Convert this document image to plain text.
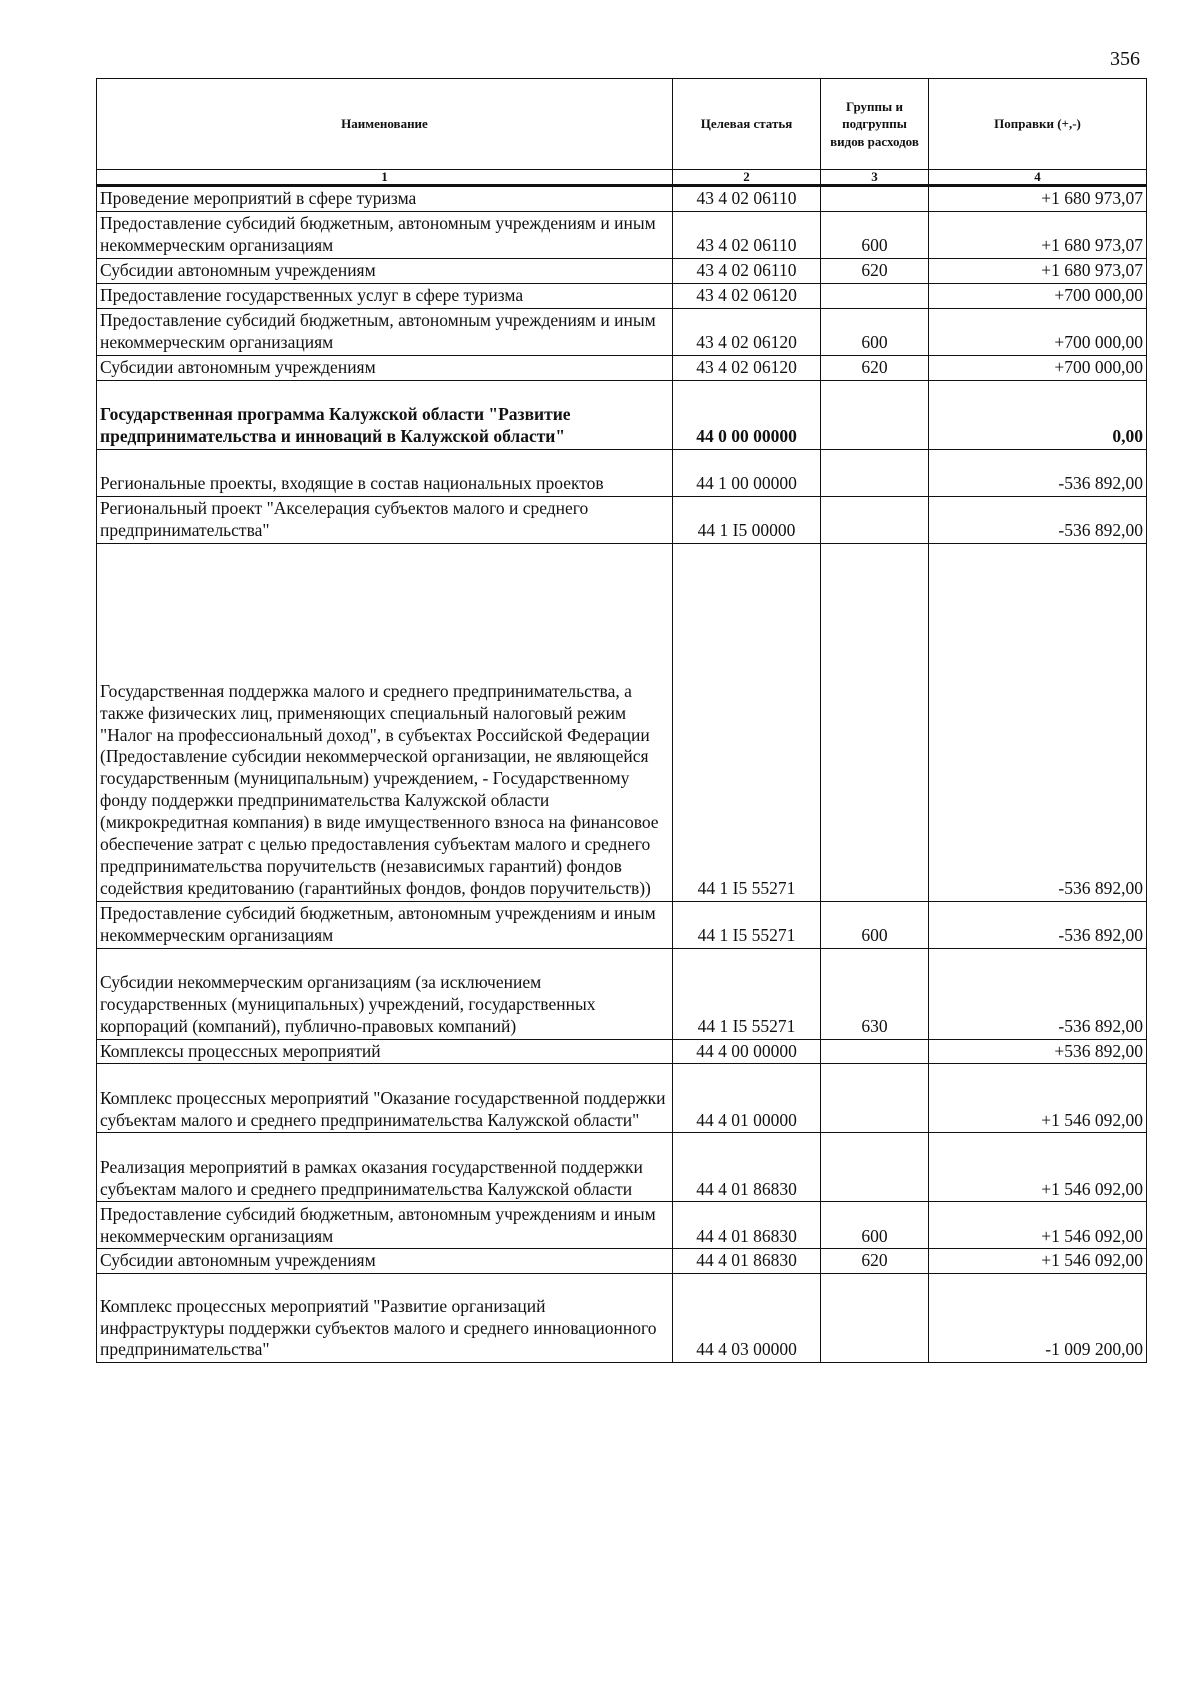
356
Наименование	Целевая статья	Группы и подгруппы видов расходов	Поправки (+,-)
1	2	3	4
Проведение мероприятий в сфере туризма	43 4 02 06110		+1 680 973,07
Предоставление субсидий бюджетным, автономным учреждениям и иным некоммерческим организациям	43 4 02 06110	600	+1 680 973,07
Субсидии автономным учреждениям	43 4 02 06110	620	+1 680 973,07
Предоставление государственных услуг в сфере туризма	43 4 02 06120		+700 000,00
Предоставление субсидий бюджетным, автономным учреждениям и иным некоммерческим организациям	43 4 02 06120	600	+700 000,00
Субсидии автономным учреждениям	43 4 02 06120	620	+700 000,00
Государственная программа Калужской области "Развитие предпринимательства и инноваций в Калужской области"	44 0 00 00000		0,00
Региональные проекты, входящие в состав национальных проектов	44 1 00 00000		-536 892,00
Региональный проект "Акселерация субъектов малого и среднего предпринимательства"	44 1 I5 00000		-536 892,00
Государственная поддержка малого и среднего предпринимательства, а также физических лиц, применяющих специальный налоговый режим "Налог на профессиональный доход", в субъектах Российской Федерации (Предоставление субсидии некоммерческой организации, не являющейся государственным (муниципальным) учреждением, - Государственному фонду поддержки предпринимательства Калужской области (микрокредитная компания) в виде имущественного взноса на финансовое обеспечение затрат с целью предоставления субъектам малого и среднего предпринимательства поручительств (независимых гарантий) фондов содействия кредитованию (гарантийных фондов, фондов поручительств))	44 1 I5 55271		-536 892,00
Предоставление субсидий бюджетным, автономным учреждениям и иным некоммерческим организациям	44 1 I5 55271	600	-536 892,00
Субсидии некоммерческим организациям (за исключением государственных (муниципальных) учреждений, государственных корпораций (компаний), публично-правовых компаний)	44 1 I5 55271	630	-536 892,00
Комплексы процессных мероприятий	44 4 00 00000		+536 892,00
Комплекс процессных мероприятий "Оказание государственной поддержки субъектам малого и среднего предпринимательства Калужской области"	44 4 01 00000		+1 546 092,00
Реализация мероприятий в рамках оказания государственной поддержки субъектам малого и среднего предпринимательства Калужской области	44 4 01 86830		+1 546 092,00
Предоставление субсидий бюджетным, автономным учреждениям и иным некоммерческим организациям	44 4 01 86830	600	+1 546 092,00
Субсидии автономным учреждениям	44 4 01 86830	620	+1 546 092,00
Комплекс процессных мероприятий "Развитие организаций инфраструктуры поддержки субъектов малого и среднего инновационного предпринимательства"	44 4 03 00000		-1 009 200,00
